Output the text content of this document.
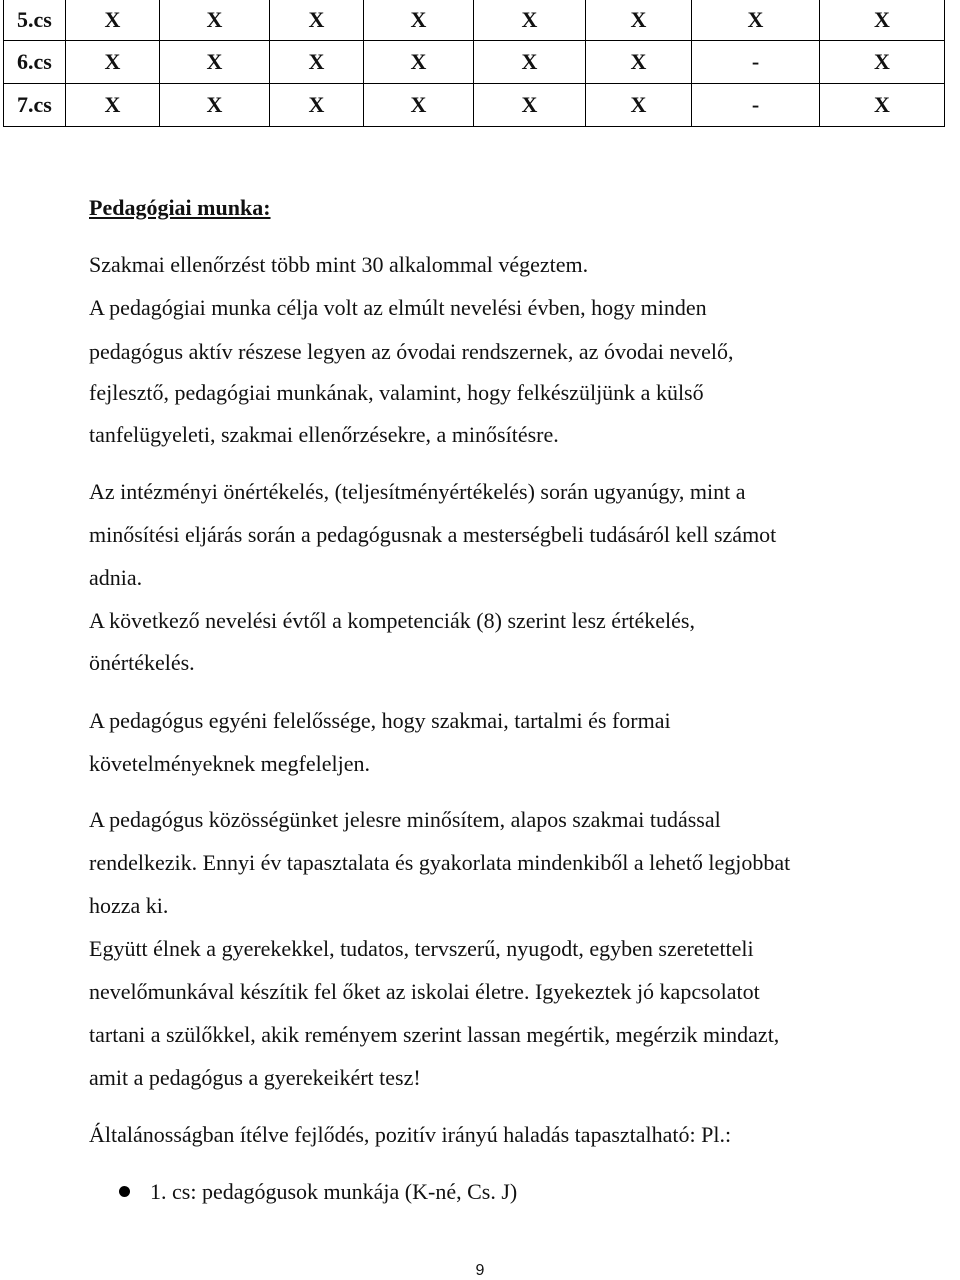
5.cs	X	X	X	X	X	X	X	X
6.cs	X	X	X	X	X	X	-	X
7.cs	X	X	X	X	X	X	-	X
Pedagógiai munka:
Szakmai ellenőrzést több mint 30 alkalommal végeztem.
A pedagógiai munka célja volt az elmúlt nevelési évben, hogy minden
pedagógus aktív részese legyen az óvodai rendszernek, az óvodai nevelő,
fejlesztő, pedagógiai munkának, valamint, hogy felkészüljünk a külső
tanfelügyeleti, szakmai ellenőrzésekre, a minősítésre.
Az intézményi önértékelés, (teljesítményértékelés) során ugyanúgy, mint a
minősítési eljárás során a pedagógusnak a mesterségbeli tudásáról kell számot
adnia.
A következő nevelési évtől a kompetenciák (8) szerint lesz értékelés,
önértékelés.
A pedagógus egyéni felelőssége, hogy szakmai, tartalmi és formai
követelményeknek megfeleljen.
A pedagógus közösségünket jelesre minősítem, alapos szakmai tudással
rendelkezik. Ennyi év tapasztalata és gyakorlata mindenkiből a lehető legjobbat
hozza ki.
Együtt élnek a gyerekekkel, tudatos, tervszerű, nyugodt, egyben szeretetteli
nevelőmunkával készítik fel őket az iskolai életre. Igyekeztek jó kapcsolatot
tartani a szülőkkel, akik reményem szerint lassan megértik, megérzik mindazt,
amit a pedagógus a gyerekeikért tesz!
Általánosságban ítélve fejlődés, pozitív irányú haladás tapasztalható: Pl.:
1. cs: pedagógusok munkája (K-né, Cs. J)
9
